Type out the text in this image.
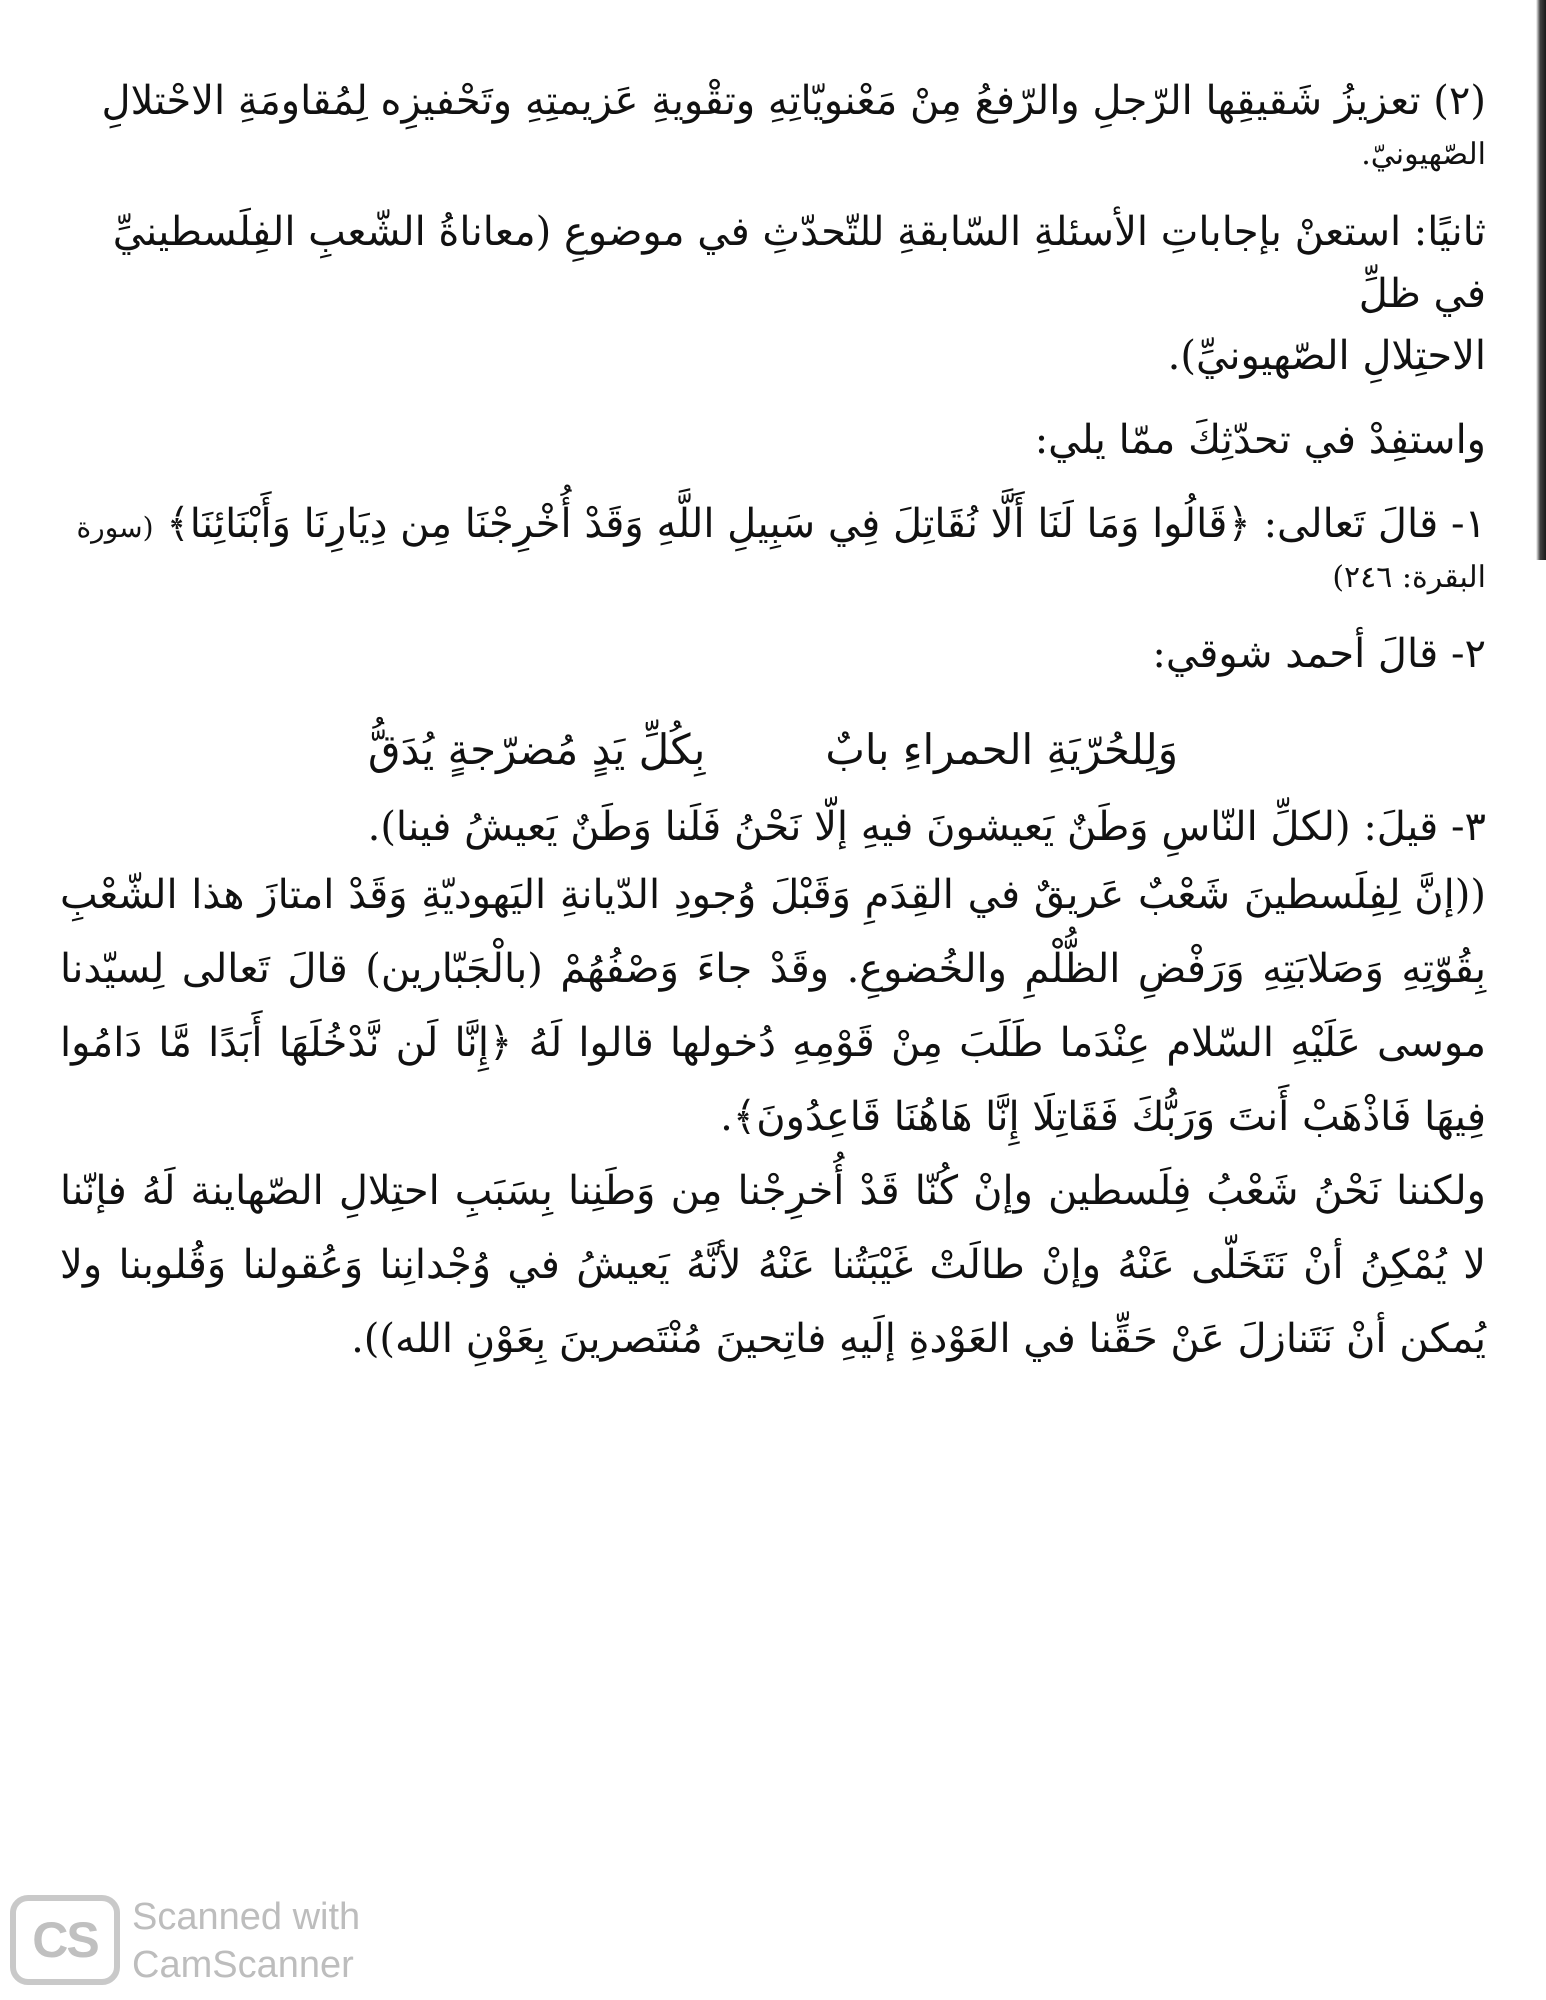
(٢) تعزيزُ شَقيقِها الرّجلِ والرّفعُ مِنْ مَعْنويّاتِهِ وتقْويةِ عَزيمتِهِ وتَحْفيزِه لِمُقاومَةِ الاحْتلالِ

الصّهيونيّ.

ثانيًا: استعنْ بإجاباتِ الأسئلةِ السّابقةِ للتّحدّثِ في موضوعِ (معاناةُ الشّعبِ الفِلَسطينيِّ في ظلِّ

الاحتِلالِ الصّهيونيِّ).

واستفِدْ في تحدّثِكَ ممّا يلي:

١- قالَ تَعالى: ﴿قَالُوا وَمَا لَنَا أَلَّا نُقَاتِلَ فِي سَبِيلِ اللَّهِ وَقَدْ أُخْرِجْنَا مِن دِيَارِنَا وَأَبْنَائِنَا﴾ (سورة

البقرة: ٢٤٦)

٢- قالَ أحمد شوقي:

وَلِلحُرّيَةِ الحمراءِ بابٌ
بِكُلِّ يَدٍ مُضرّجةٍ يُدَقُّ

٣- قيلَ: (لكلِّ النّاسِ وَطَنٌ يَعيشونَ فيهِ إلّا نَحْنُ فَلَنا وَطَنٌ يَعيشُ فينا).

((إنَّ لِفِلَسطينَ شَعْبٌ عَريقٌ في القِدَمِ وَقَبْلَ وُجودِ الدّيانةِ اليَهوديّةِ وَقَدْ امتازَ هذا الشّعْبِ بِقُوّتِهِ وَصَلابَتِهِ وَرَفْضِ الظُّلْمِ والخُضوعِ. وقَدْ جاءَ وَصْفُهُمْ (بالْجَبّارين) قالَ تَعالى لِسيّدنا موسى عَلَيْهِ السّلام عِنْدَما طَلَبَ مِنْ قَوْمِهِ دُخولها قالوا لَهُ ﴿إِنَّا لَن نَّدْخُلَهَا أَبَدًا مَّا دَامُوا فِيهَا فَاذْهَبْ أَنتَ وَرَبُّكَ فَقَاتِلَا إِنَّا هَاهُنَا قَاعِدُونَ﴾.

ولكننا نَحْنُ شَعْبُ فِلَسطين وإنْ كُنّا قَدْ أُخرِجْنا مِن وَطَنِنا بِسَبَبِ احتِلالِ الصّهاينة لَهُ فإنّنا لا يُمْكِنُ أنْ نَتَخَلّى عَنْهُ وإنْ طالَتْ غَيْبَتُنا عَنْهُ لأنَّهُ يَعيشُ في وُجْدانِنا وَعُقولنا وَقُلوبنا ولا يُمكن أنْ نَتَنازلَ عَنْ حَقِّنا في العَوْدةِ إلَيهِ فاتِحينَ مُنْتَصرينَ بِعَوْنِ الله)).

CS Scanned with
CamScanner
